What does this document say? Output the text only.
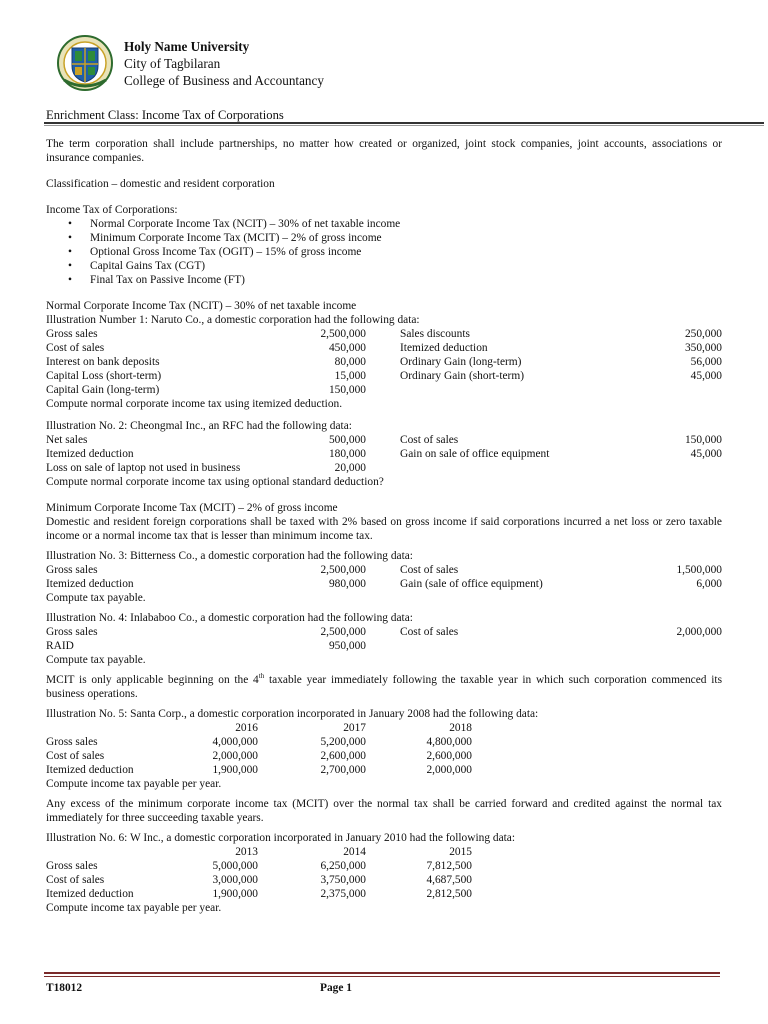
Holy Name University
City of Tagbilaran
College of Business and Accountancy
Enrichment Class: Income Tax of Corporations

The term corporation shall include partnerships, no matter how created or organized, joint stock companies, joint accounts, associations or insurance companies.

Classification – domestic and resident corporation

Income Tax of Corporations:

• Normal Corporate Income Tax (NCIT) – 30% of net taxable income
• Minimum Corporate Income Tax (MCIT) – 2% of gross income
• Optional Gross Income Tax (OGIT) – 15% of gross income
• Capital Gains Tax (CGT)
• Final Tax on Passive Income (FT)

Normal Corporate Income Tax (NCIT) – 30% of net taxable income

Illustration Number 1: Naruto Co., a domestic corporation had the following data:

Gross sales	2,500,000	Sales discounts	250,000
Cost of sales	450,000	Itemized deduction	350,000
Interest on bank deposits	80,000	Ordinary Gain (long-term)	56,000
Capital Loss (short-term)	15,000	Ordinary Gain (short-term)	45,000
Capital Gain (long-term)	150,000

Compute normal corporate income tax using itemized deduction.

Illustration No. 2: Cheongmal Inc., an RFC had the following data:

Net sales	500,000	Cost of sales	150,000
Itemized deduction	180,000	Gain on sale of office equipment	45,000
Loss on sale of laptop not used in business	20,000

Compute normal corporate income tax using optional standard deduction?

Minimum Corporate Income Tax (MCIT) – 2% of gross income

Domestic and resident foreign corporations shall be taxed with 2% based on gross income if said corporations incurred a net loss or zero taxable income or a normal income tax that is lesser than minimum income tax.

Illustration No. 3: Bitterness Co., a domestic corporation had the following data:

Gross sales	2,500,000	Cost of sales	1,500,000
Itemized deduction	980,000	Gain (sale of office equipment)	6,000

Compute tax payable.

Illustration No. 4: Inlababoo Co., a domestic corporation had the following data:

Gross sales	2,500,000	Cost of sales	2,000,000
RAID	950,000

Compute tax payable.

MCIT is only applicable beginning on the 4th taxable year immediately following the taxable year in which such corporation commenced its business operations.

Illustration No. 5: Santa Corp., a domestic corporation incorporated in January 2008 had the following data:

2016	2017	2018
Gross sales	4,000,000	5,200,000	4,800,000
Cost of sales	2,000,000	2,600,000	2,600,000
Itemized deduction	1,900,000	2,700,000	2,000,000

Compute income tax payable per year.

Any excess of the minimum corporate income tax (MCIT) over the normal tax shall be carried forward and credited against the normal tax immediately for three succeeding taxable years.

Illustration No. 6: W Inc., a domestic corporation incorporated in January 2010 had the following data:

2013	2014	2015
Gross sales	5,000,000	6,250,000	7,812,500
Cost of sales	3,000,000	3,750,000	4,687,500
Itemized deduction	1,900,000	2,375,000	2,812,500

Compute income tax payable per year.

T18012	Page 1
